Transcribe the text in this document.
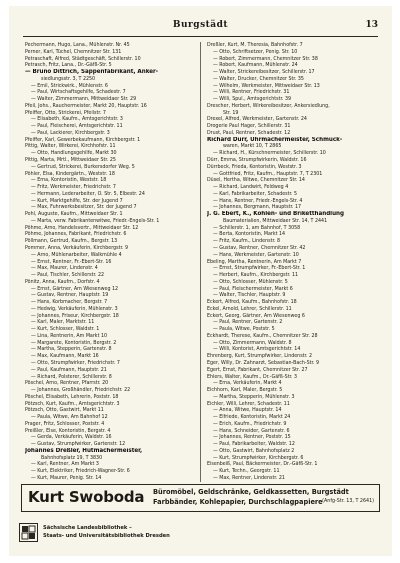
Burgstädt	13
Pechermann, Hugo, Lana., Mühlenstr. Nr. 45
Perner, Karl, Tüchel, Chemnitzer Str. 131
Petraschaft, Alfred, Städtgeschäft, Schillerstr. 10
Petrasch, Fritz, Lana., Dr.-Gäfß-Str. 5
— Bruno Dittrich, Sappenfabrikant, Anker-
siedlungsstr. 3, T 2250
— Emil, Strickwirk., Mühlenstr. 6
— Paul, Wirtschaftsgehilfe, Schadestr. 7
— Walter, Zimmermann, Mittweidaer Str. 29
Pfeil, Johs., Rauchermeister, Markt 20, Hauptstr. 16
Pfeiffer, Otto, Strickerei, Pfeilstr. 7
— Elisabeth, Kaufm., Amtsgerichtstr. 3
— Paul, Fleischerei, Amtsgerichtstr. 11
— Paul, Lackierer, Kirchbergstr. 3
Pfeiffer, Karl, Gewerbekaufmann, Kirchbergstr. 1
Pittig, Walter, Wirkerei, Kirchhofstr. 11
— Otto, Handlungsgehilfe, Markt 30
Pittig, Marta, Mrtl., Mittweidaer Str. 25
— Gertrud, Strickerei, Burkersdorfer Weg. 5
Pöhler, Elsa, Kindergärtn., Weststr. 18
— Erna, Kontoristin, Weststr. 18
— Fritz, Werkmeister, Friedrichstr. 7
— Hermann, Lederarbeiter, O. Str. 5, Elbestr. 24
— Kurt, Marktgehilfe, Str. der Jugend 7
— Max, Fuhrwerksbesitzer, Str. der Jugend 7
Pohl, Auguste, Kaufm., Mittweidaer Str. 1
— Marta, verw. Fabrikantenwitwe, Friedr.-Engels-Str. 1
Pöhme, Arno, Handelsvertr., Mittweidaer Str. 12
Pöhme, Johannes, Fabrikant, Friedrichstr. 6
Pöllmann, Gertrud, Kaufm., Bergstr. 13
Pommer, Anna, Verkäuferin, Kirchbergstr. 9
— Arno, Mühlenarbeiter, Walkmühle 4
— Ernst, Rentner, Fr.-Ebert-Str. 16
— Max, Maurer, Lindenstr. 4
— Paul, Tischler, Schillerstr. 22
Pönitz, Anna, Kaufm., Dorfstr. 4
— Ernst, Gärtner, Am Wiesenweg 12
— Gustav, Rentner, Hauptstr. 19
— Hans, Korbmacher, Bergstr. 7
— Hedwig, Verkäuferin, Mühlenstr. 3
— Johannes, Friseur, Kirchbergstr. 18
— Karl, Maler, Marktstr. 11
— Kurt, Schlosser, Waldstr. 1
— Lina, Rentnerin, Am Markt 10
— Margarete, Kontoristin, Bergstr. 2
— Martha, Stepperin, Gartenstr. 8
— Max, Kaufmann, Markt 16
— Otto, Strumpfwirker, Friedrichstr. 7
— Paul, Kaufmann, Hauptstr. 21
— Richard, Polsterer, Schillerstr. 8
Pöschel, Arno, Rentner, Pfarrstr. 20
— Johannes, Großhändler, Friedrichstr. 22
Pöschel, Elisabeth, Lehrerin, Poststr. 18
Pötzsch, Kurt, Kaufm., Amtsgerichtstr. 3
Pötzsch, Otto, Gastwirt, Markt 11
— Paula, Witwe, Am Bahnhof 12
Prager, Fritz, Schlosser, Poststr. 4
Preißler, Else, Kontoristin, Bergstr. 4
— Gerda, Verkäuferin, Waldstr. 16
— Gustav, Strumpfwirker, Gartenstr. 12
Johannes Dreßler, Hutmachermeister,
Bahnhofsplatz 19, T 3830
— Karl, Rentner, Am Markt 3
— Kurt, Elektriker, Friedrich-Wagner-Str. 6
— Kurt, Maurer, Penig. Str. 14
Dreßler, Kurt, M. Theresia, Bahnhofstr. 7
— Otto, Schriftsetzer, Penig. Str. 10
— Robert, Zimmermann, Chemnitzer Str. 38
— Robert, Kaufmann, Mühlenstr. 24
— Walter, Strickereibesitzer, Schillerstr. 17
— Walter, Drucker, Chemnitzer Str. 35
— Wilhelm, Werkmeister, Mittweidaer Str. 13
— Willi, Rentner, Friedrichstr. 31
— Willi, Spul., Amtsgerichtstr. 39
Drescher, Herbert, Wirkereibesitzer, Ankersiedlung,
Str. 19
Drexel, Alfred, Werkmeister, Gartenstr. 24
Drogerie Paul Hager, Schillerstr. 31
Drust, Paul, Rentner, Schadestr. 12
Richard Dürr, Uhrmachermeister, Schmuck-
waren, Markt 10, T 2865
— Richard, H., Kürschnermeister, Schillerstr. 10
Dürr, Emma, Strumpfwirkerin, Waldstr. 16
Dürrbeck, Frieda, Kontoristin, Weststr. 3
— Gottfried, Fritz, Kaufm., Hauptstr. 7, T 2301
Düsel, Hertha, Witwe, Chemnitzer Str. 14
— Richard, Landwirt, Feldweg 4
— Karl, Fabrikarbeiter, Schadestr. 5
— Hans, Rentner, Friedr.-Engels-Str. 4
— Johannes, Bergmann, Hauptstr. 17
J. G. Ebert, K., Kohlen- und Briketthandlung
Baumaterialien, Mittweidaer Str. 14, T 2441
— Schillerstr. 1, am Bahnhof, T 3058
— Berta, Kontoristin, Markt 14
— Fritz, Kaufm., Lindenstr. 8
— Gustav, Rentner, Chemnitzer Str. 42
— Hans, Werkmeister, Gartenstr. 10
Ebeling, Martha, Rentnerin, Am Markt 7
— Ernst, Strumpfwirker, Fr.-Ebert-Str. 1
— Herbert, Kaufm., Kirchbergstr. 11
— Otto, Schlosser, Mühlenstr. 5
— Paul, Fleischermeister, Markt 6
— Walter, Tischler, Hauptstr. 9
Eckert, Alfred, Kaufm., Bahnhofstr. 18
Eckel, Arnold, Lehrer, Schillerstr. 11
Eckert, Georg, Gärtner, Am Wiesenweg 6
— Paul, Rentner, Gartenstr. 2
— Paula, Witwe, Poststr. 5
Eckhardt, Therese, Kaufm., Chemnitzer Str. 28
— Otto, Zimmermann, Waldstr. 8
— Willi, Kontorist, Amtsgerichtstr. 14
Ehrenberg, Kurt, Strumpfwirker, Lindenstr. 2
Eger, Willy, Dr. Zahnarzt, Sebastian-Bach-Str. 9
Egert, Ernst, Fabrikant, Chemnitzer Str. 27
Ehlers, Walter, Kaufm., Dr.-Gäfß-Str. 3
— Erna, Verkäuferin, Markt 4
Eichhorn, Karl, Maler, Bergstr. 5
— Martha, Stepperin, Mühlenstr. 3
Eichler, Willi, Lehrer, Schadestr. 11
— Anna, Witwe, Hauptstr. 14
— Elfriede, Kontoristin, Markt 24
— Erich, Kaufm., Friedrichstr. 9
— Hans, Schneider, Gartenstr. 6
— Johannes, Rentner, Poststr. 15
— Paul, Fabrikarbeiter, Waldstr. 12
— Otto, Gastwirt, Bahnhofsplatz 2
— Kurt, Strumpfwirker, Kirchbergstr. 6
Eisenbeiß, Paul, Bäckermeister, Dr.-Gäfß-Str. 1
— Kurt, Techn., Georgstr. 11
— Max, Rentner, Lindenstr. 21
Kurt Swoboda Büromöbel, Geldschränke, Geldkassetten, Burgstädt
Farbbänder, Kohlepapier, Durchschlagpapiere (Anfg-Str. 13, T 2641)
Sächsische Landesbibliothek –
Staats- und Universitätsbibliothek Dresden
